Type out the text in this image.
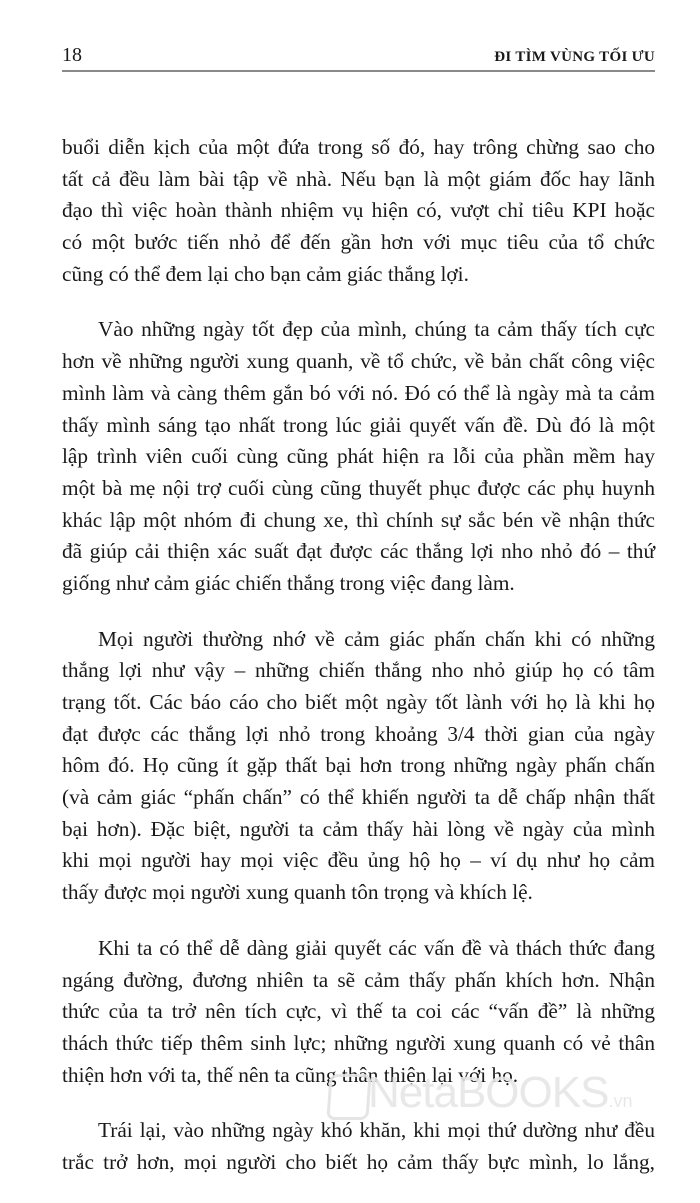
18	ĐI TÌM VÙNG TỐI ƯU
buổi diễn kịch của một đứa trong số đó, hay trông chừng sao cho
tất cả đều làm bài tập về nhà. Nếu bạn là một giám đốc hay lãnh
đạo thì việc hoàn thành nhiệm vụ hiện có, vượt chỉ tiêu KPI hoặc
có một bước tiến nhỏ để đến gần hơn với mục tiêu của tổ chức
cũng có thể đem lại cho bạn cảm giác thắng lợi.
Vào những ngày tốt đẹp của mình, chúng ta cảm thấy tích cực
hơn về những người xung quanh, về tổ chức, về bản chất công việc
mình làm và càng thêm gắn bó với nó. Đó có thể là ngày mà ta cảm
thấy mình sáng tạo nhất trong lúc giải quyết vấn đề. Dù đó là một
lập trình viên cuối cùng cũng phát hiện ra lỗi của phần mềm hay
một bà mẹ nội trợ cuối cùng cũng thuyết phục được các phụ huynh
khác lập một nhóm đi chung xe, thì chính sự sắc bén về nhận thức
đã giúp cải thiện xác suất đạt được các thắng lợi nho nhỏ đó – thứ
giống như cảm giác chiến thắng trong việc đang làm.
Mọi người thường nhớ về cảm giác phấn chấn khi có những
thắng lợi như vậy – những chiến thắng nho nhỏ giúp họ có tâm
trạng tốt. Các báo cáo cho biết một ngày tốt lành với họ là khi họ
đạt được các thắng lợi nhỏ trong khoảng 3/4 thời gian của ngày
hôm đó. Họ cũng ít gặp thất bại hơn trong những ngày phấn chấn
(và cảm giác “phấn chấn” có thể khiến người ta dễ chấp nhận thất
bại hơn). Đặc biệt, người ta cảm thấy hài lòng về ngày của mình
khi mọi người hay mọi việc đều ủng hộ họ – ví dụ như họ cảm
thấy được mọi người xung quanh tôn trọng và khích lệ.
Khi ta có thể dễ dàng giải quyết các vấn đề và thách thức đang
ngáng đường, đương nhiên ta sẽ cảm thấy phấn khích hơn. Nhận
thức của ta trở nên tích cực, vì thế ta coi các “vấn đề” là những
thách thức tiếp thêm sinh lực; những người xung quanh có vẻ thân
thiện hơn với ta, thế nên ta cũng thân thiện lại với họ.
Trái lại, vào những ngày khó khăn, khi mọi thứ dường như đều
trắc trở hơn, mọi người cho biết họ cảm thấy bực mình, lo lắng,
NetaBOOKS.vn
